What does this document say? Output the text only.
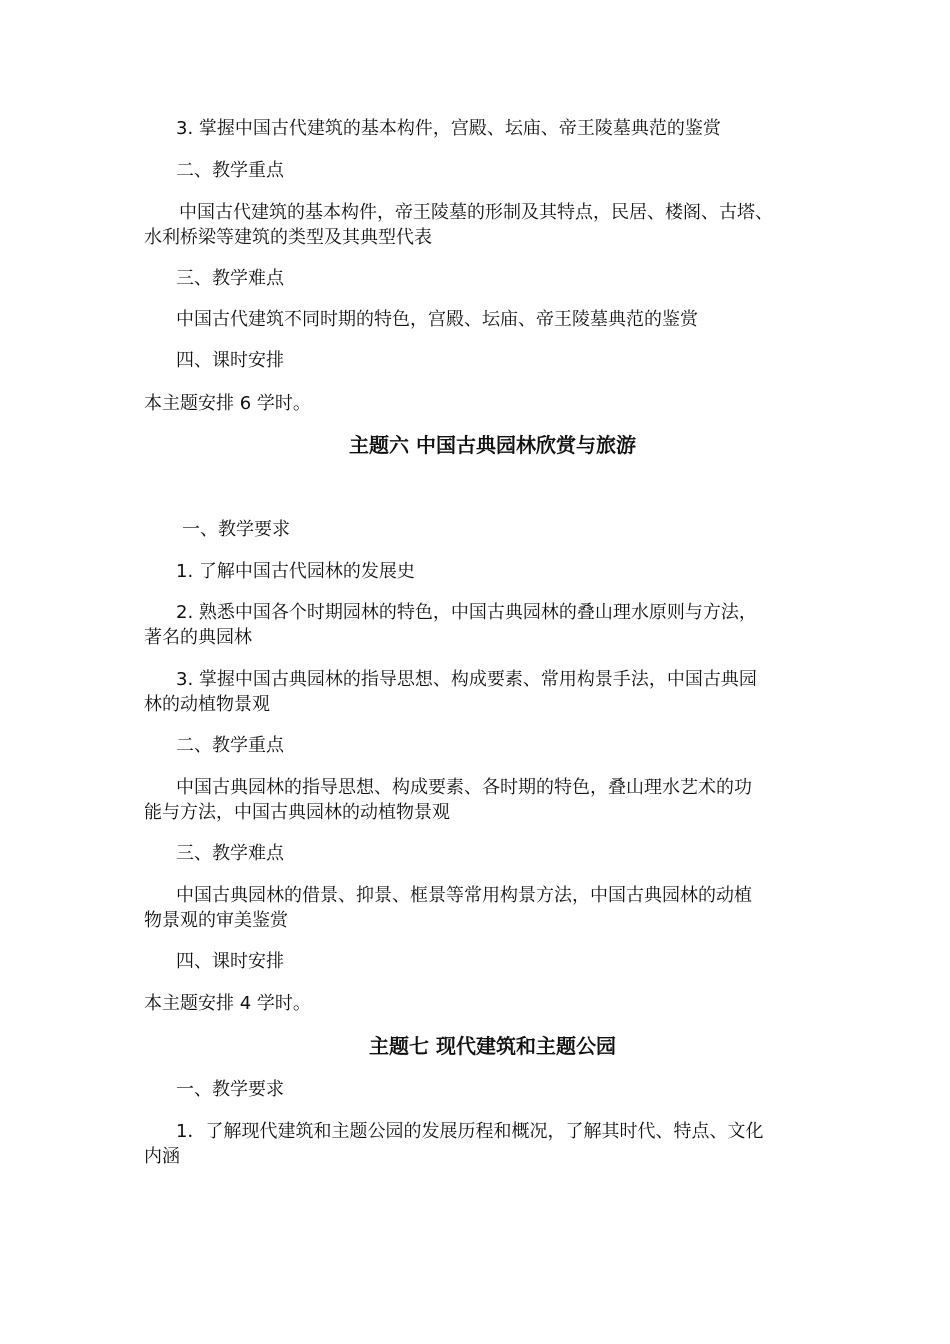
3. 掌握中国古代建筑的基本构件，宫殿、坛庙、帝王陵墓典范的鉴赏

二、教学重点

中国古代建筑的基本构件，帝王陵墓的形制及其特点，民居、楼阁、古塔、

水利桥梁等建筑的类型及其典型代表

三、教学难点

中国古代建筑不同时期的特色，宫殿、坛庙、帝王陵墓典范的鉴赏

四、课时安排

本主题安排 6 学时。

主题六 中国古典园林欣赏与旅游

一、教学要求

1. 了解中国古代园林的发展史

2. 熟悉中国各个时期园林的特色，中国古典园林的叠山理水原则与方法，

著名的典园林

3. 掌握中国古典园林的指导思想、构成要素、常用构景手法，中国古典园

林的动植物景观

二、教学重点

中国古典园林的指导思想、构成要素、各时期的特色，叠山理水艺术的功

能与方法，中国古典园林的动植物景观

三、教学难点

中国古典园林的借景、抑景、框景等常用构景方法，中国古典园林的动植

物景观的审美鉴赏

四、课时安排

本主题安排 4 学时。

主题七 现代建筑和主题公园

一、教学要求

1．了解现代建筑和主题公园的发展历程和概况，了解其时代、特点、文化

内涵
